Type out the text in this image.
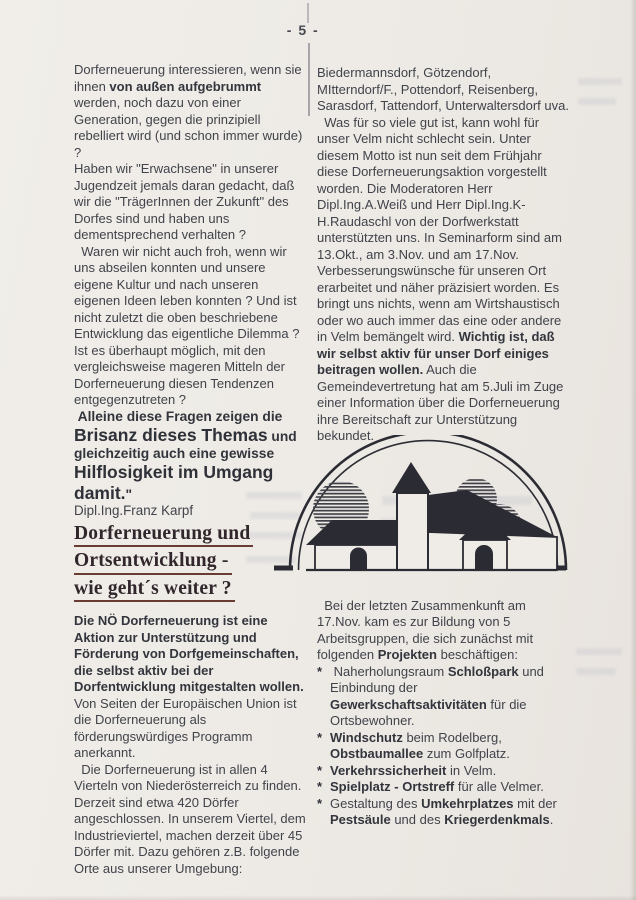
- 5 -

Dorferneuerung interessieren, wenn sie ihnen von außen aufgebrummt werden, noch dazu von einer Generation, gegen die prinzipiell rebelliert wird (und schon immer wurde) ?

Haben wir "Erwachsene" in unserer Jugendzeit jemals daran gedacht, daß wir die "TrägerInnen der Zukunft" des Dorfes sind und haben uns dementsprechend verhalten ?

Waren wir nicht auch froh, wenn wir uns abseilen konnten und unsere eigene Kultur und nach unseren eigenen Ideen leben konnten ? Und ist nicht zuletzt die oben beschriebene Entwicklung das eigentliche Dilemma ? Ist es überhaupt möglich, mit den vergleichsweise mageren Mitteln der Dorferneuerung diesen Tendenzen entgegenzutreten ?

Alleine diese Fragen zeigen die Brisanz dieses Themas und gleichzeitig auch eine gewisse Hilflosigkeit im Umgang damit."

Dipl.Ing.Franz Karpf

Dorferneuerung und
Ortsentwicklung -
wie geht´s weiter ?

Die NÖ Dorferneuerung ist eine Aktion zur Unterstützung und Förderung von Dorfgemeinschaften, die selbst aktiv bei der Dorfentwicklung mitgestalten wollen. Von Seiten der Europäischen Union ist die Dorferneuerung als förderungswürdiges Programm anerkannt.

Die Dorferneuerung ist in allen 4 Vierteln von Niederösterreich zu finden. Derzeit sind etwa 420 Dörfer angeschlossen. In unserem Viertel, dem Industrieviertel, machen derzeit über 45 Dörfer mit. Dazu gehören z.B. folgende Orte aus unserer Umgebung:

Biedermannsdorf, Götzendorf, MItterndorf/F., Pottendorf, Reisenberg, Sarasdorf, Tattendorf, Unterwaltersdorf uva.

Was für so viele gut ist, kann wohl für unser Velm nicht schlecht sein. Unter diesem Motto ist nun seit dem Frühjahr diese Dorferneuerungsaktion vorgestellt worden. Die Moderatoren Herr Dipl.Ing.A.Weiß und Herr Dipl.Ing.K-H.Raudaschl von der Dorfwerkstatt unterstützten uns. In Seminarform sind am 13.Okt., am 3.Nov. und am 17.Nov. Verbesserungswünsche für unseren Ort erarbeitet und näher präzisiert worden. Es bringt uns nichts, wenn am Wirtshaustisch oder wo auch immer das eine oder andere in Velm bemängelt wird. Wichtig ist, daß wir selbst aktiv für unser Dorf einiges beitragen wollen. Auch die Gemeindevertretung hat am 5.Juli im Zuge einer Information über die Dorferneuerung  ihre Bereitschaft zur Unterstützung bekundet.

Bei der letzten Zusammenkunft am 17.Nov. kam es zur Bildung von 5 Arbeitsgruppen, die sich zunächst mit folgenden Projekten beschäftigen:

* Naherholungsraum Schloßpark und Einbindung der Gewerkschaftsaktivitäten für die Ortsbewohner.
* Windschutz beim Rodelberg, Obstbaumallee zum Golfplatz.
* Verkehrssicherheit in Velm.
* Spielplatz - Ortstreff für alle Velmer.
* Gestaltung des Umkehrplatzes mit der Pestsäule und des Kriegerdenkmals.
